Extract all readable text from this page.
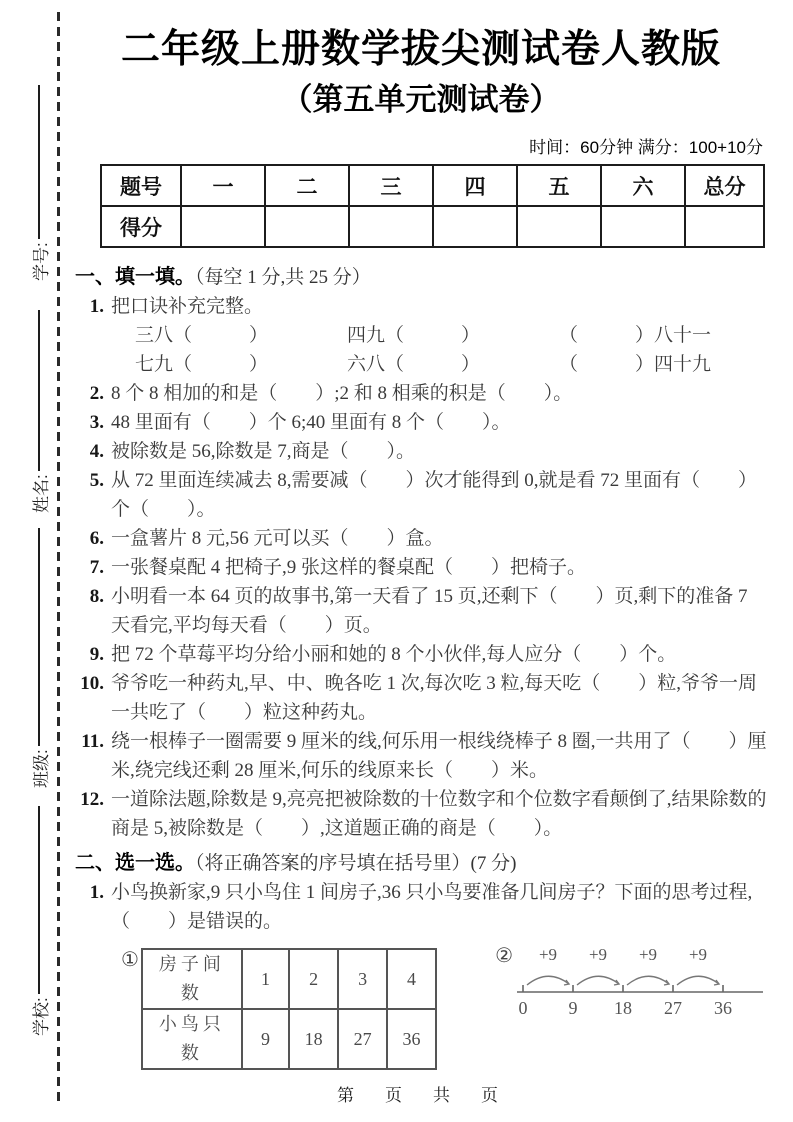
学号:
姓名:
班级:
学校:
二年级上册数学拔尖测试卷人教版
（第五单元测试卷）
时间：60分钟 满分：100+10分
题号	一	二	三	四	五	六	总分
得分							
一、填一填。（每空 1 分,共 25 分）
1. 把口诀补充完整。
三八（　　　）	四九（　　　）	（　　　）八十一
七九（　　　）	六八（　　　）	（　　　）四十九
2. 8 个 8 相加的和是（　　）;2 和 8 相乘的积是（　　）。
3. 48 里面有（　　）个 6;40 里面有 8 个（　　）。
4. 被除数是 56,除数是 7,商是（　　）。
5. 从 72 里面连续减去 8,需要减（　　）次才能得到 0,就是看 72 里面有（　　）个（　　）。
6. 一盒薯片 8 元,56 元可以买（　　）盒。
7. 一张餐桌配 4 把椅子,9 张这样的餐桌配（　　）把椅子。
8. 小明看一本 64 页的故事书,第一天看了 15 页,还剩下（　　）页,剩下的准备 7 天看完,平均每天看（　　）页。
9. 把 72 个草莓平均分给小丽和她的 8 个小伙伴,每人应分（　　）个。
10. 爷爷吃一种药丸,早、中、晚各吃 1 次,每次吃 3 粒,每天吃（　　）粒,爷爷一周一共吃了（　　）粒这种药丸。
11. 绕一根棒子一圈需要 9 厘米的线,何乐用一根线绕棒子 8 圈,一共用了（　　）厘米,绕完线还剩 28 厘米,何乐的线原来长（　　）米。
12. 一道除法题,除数是 9,亮亮把被除数的十位数字和个位数字看颠倒了,结果除数的商是 5,被除数是（　　）,这道题正确的商是（　　）。
二、选一选。（将正确答案的序号填在括号里）(7 分)
1. 小鸟换新家,9 只小鸟住 1 间房子,36 只小鸟要准备几间房子？下面的思考过程,（　　）是错误的。
① 房子间数	1	2	3	4
小鸟只数	9	18	27	36
② +9 +9 +9 +9
0 9 18 27 36
第　页　共　页
